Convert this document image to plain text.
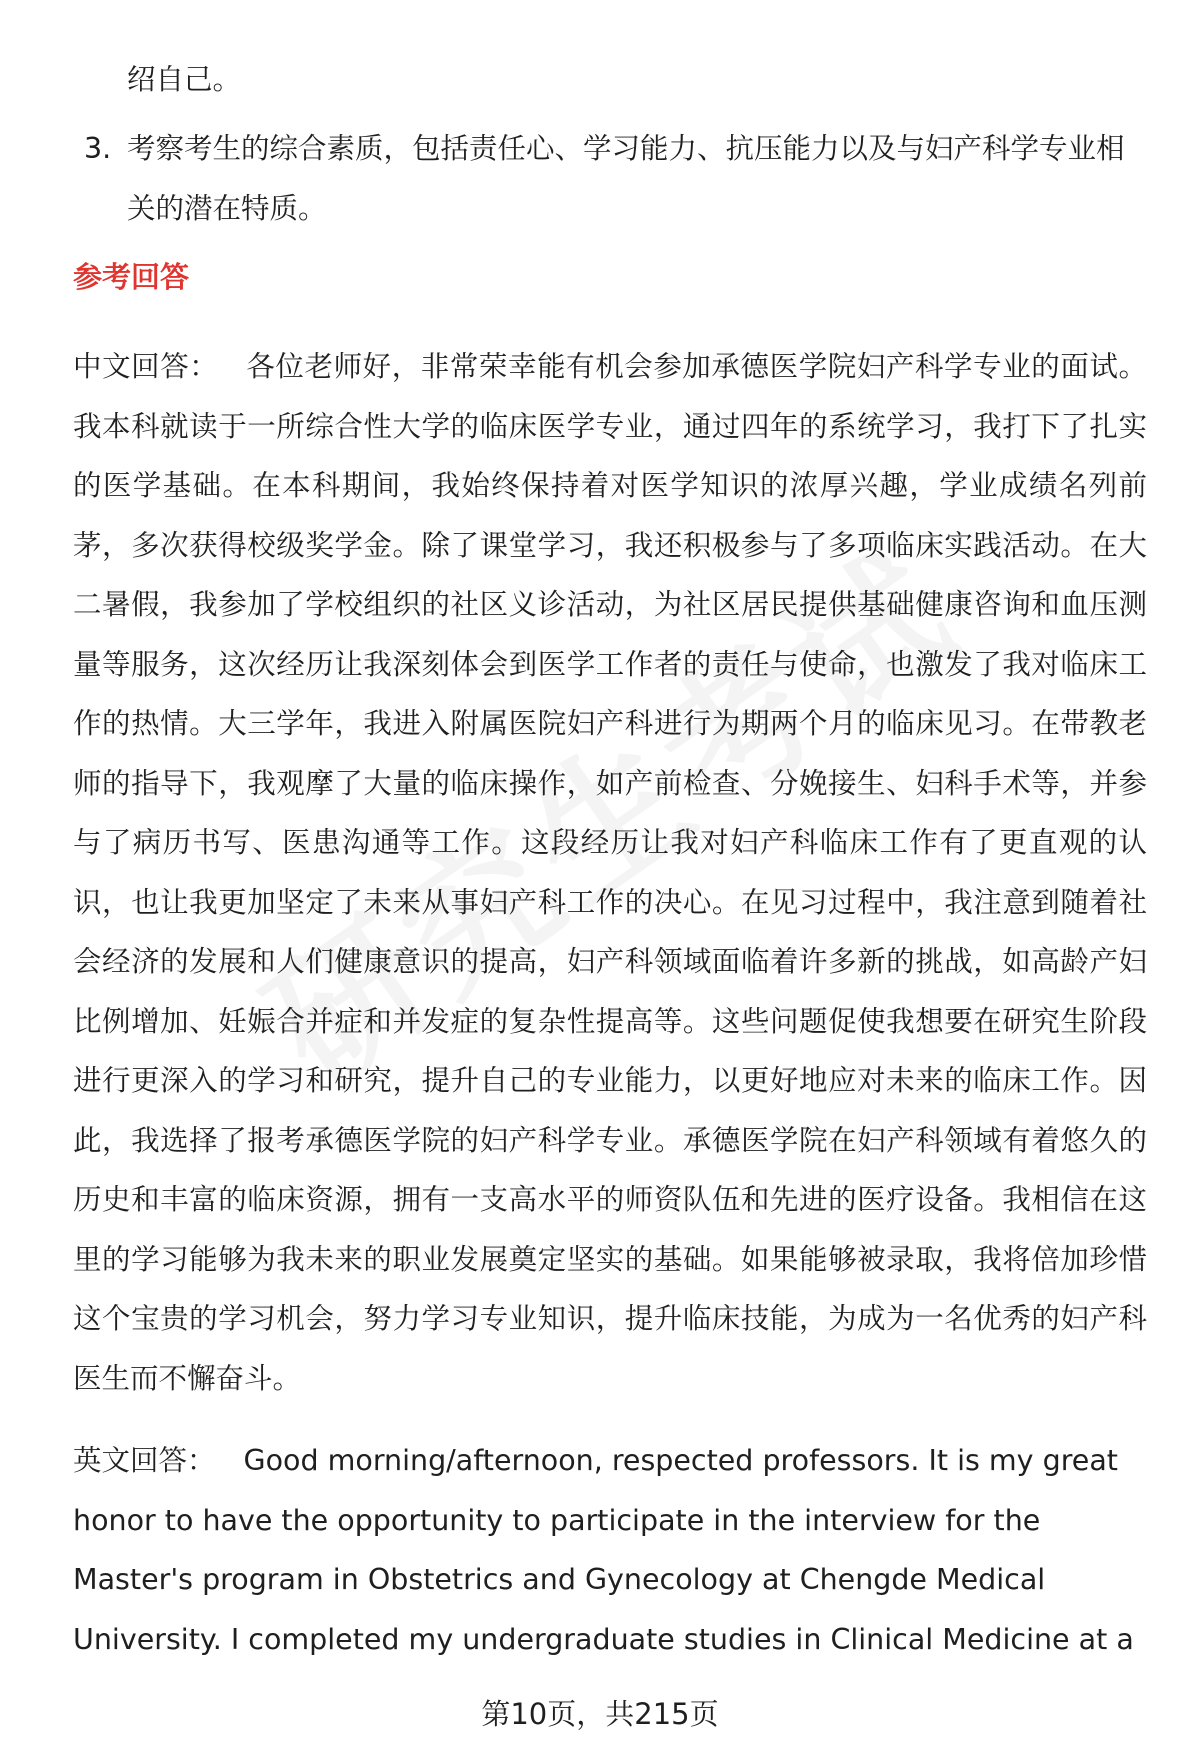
绍自己。
3. 考察考生的综合素质，包括责任心、学习能力、抗压能力以及与妇产科学专业相关的潜在特质。
参考回答
中文回答： 各位老师好，非常荣幸能有机会参加承德医学院妇产科学专业的面试。我本科就读于一所综合性大学的临床医学专业，通过四年的系统学习，我打下了扎实的医学基础。在本科期间，我始终保持着对医学知识的浓厚兴趣，学业成绩名列前茅，多次获得校级奖学金。除了课堂学习，我还积极参与了多项临床实践活动。在大二暑假，我参加了学校组织的社区义诊活动，为社区居民提供基础健康咨询和血压测量等服务，这次经历让我深刻体会到医学工作者的责任与使命，也激发了我对临床工作的热情。大三学年，我进入附属医院妇产科进行为期两个月的临床见习。在带教老师的指导下，我观摩了大量的临床操作，如产前检查、分娩接生、妇科手术等，并参与了病历书写、医患沟通等工作。这段经历让我对妇产科临床工作有了更直观的认识，也让我更加坚定了未来从事妇产科工作的决心。在见习过程中，我注意到随着社会经济的发展和人们健康意识的提高，妇产科领域面临着许多新的挑战，如高龄产妇比例增加、妊娠合并症和并发症的复杂性提高等。这些问题促使我想要在研究生阶段进行更深入的学习和研究，提升自己的专业能力，以更好地应对未来的临床工作。因此，我选择了报考承德医学院的妇产科学专业。承德医学院在妇产科领域有着悠久的历史和丰富的临床资源，拥有一支高水平的师资队伍和先进的医疗设备。我相信在这里的学习能够为我未来的职业发展奠定坚实的基础。如果能够被录取，我将倍加珍惜这个宝贵的学习机会，努力学习专业知识，提升临床技能，为成为一名优秀的妇产科医生而不懈奋斗。
英文回答： Good morning/afternoon, respected professors. It is my great honor to have the opportunity to participate in the interview for the Master's program in Obstetrics and Gynecology at Chengde Medical University. I completed my undergraduate studies in Clinical Medicine at a
第10页，共215页
